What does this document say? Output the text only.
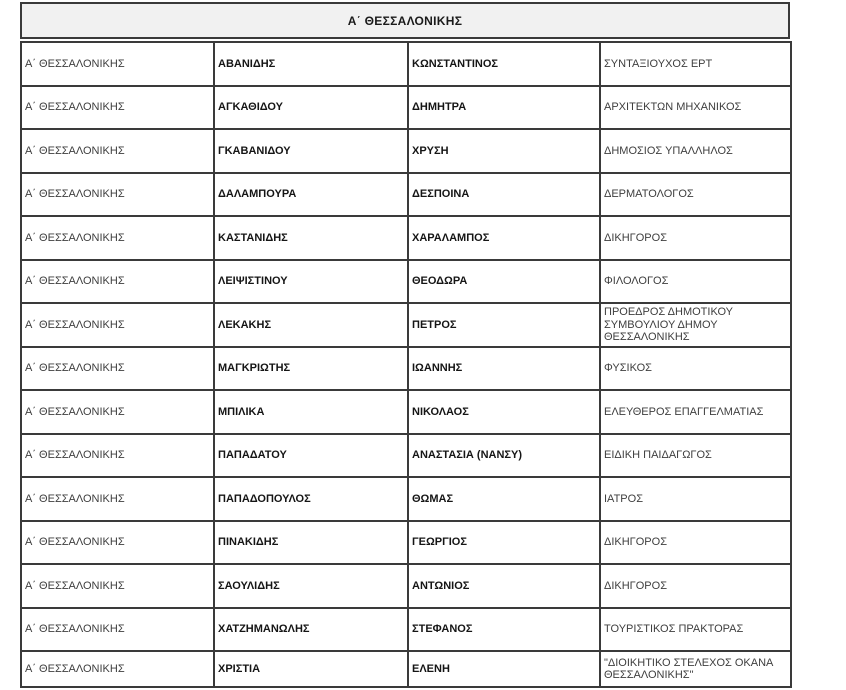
Α΄ ΘΕΣΣΑΛΟΝΙΚΗΣ
Α΄ ΘΕΣΣΑΛΟΝΙΚΗΣ	ΑΒΑΝΙΔΗΣ	ΚΩΝΣΤΑΝΤΙΝΟΣ	ΣΥΝΤΑΞΙΟΥΧΟΣ ΕΡΤ
Α΄ ΘΕΣΣΑΛΟΝΙΚΗΣ	ΑΓΚΑΘΙΔΟΥ	ΔΗΜΗΤΡΑ	ΑΡΧΙΤΕΚΤΩΝ ΜΗΧΑΝΙΚΟΣ
Α΄ ΘΕΣΣΑΛΟΝΙΚΗΣ	ΓΚΑΒΑΝΙΔΟΥ	ΧΡΥΣΗ	ΔΗΜΟΣΙΟΣ ΥΠΑΛΛΗΛΟΣ
Α΄ ΘΕΣΣΑΛΟΝΙΚΗΣ	ΔΑΛΑΜΠΟΥΡΑ	ΔΕΣΠΟΙΝΑ	ΔΕΡΜΑΤΟΛΟΓΟΣ
Α΄ ΘΕΣΣΑΛΟΝΙΚΗΣ	ΚΑΣΤΑΝΙΔΗΣ	ΧΑΡΑΛΑΜΠΟΣ	ΔΙΚΗΓΟΡΟΣ
Α΄ ΘΕΣΣΑΛΟΝΙΚΗΣ	ΛΕΙΨΙΣΤΙΝΟΥ	ΘΕΟΔΩΡΑ	ΦΙΛΟΛΟΓΟΣ
Α΄ ΘΕΣΣΑΛΟΝΙΚΗΣ	ΛΕΚΑΚΗΣ	ΠΕΤΡΟΣ	ΠΡΟΕΔΡΟΣ ΔΗΜΟΤΙΚΟΥ ΣΥΜΒΟΥΛΙΟΥ ΔΗΜΟΥ ΘΕΣΣΑΛΟΝΙΚΗΣ
Α΄ ΘΕΣΣΑΛΟΝΙΚΗΣ	ΜΑΓΚΡΙΩΤΗΣ	ΙΩΑΝΝΗΣ	ΦΥΣΙΚΟΣ
Α΄ ΘΕΣΣΑΛΟΝΙΚΗΣ	ΜΠΙΛΙΚΑ	ΝΙΚΟΛΑΟΣ	ΕΛΕΥΘΕΡΟΣ ΕΠΑΓΓΕΛΜΑΤΙΑΣ
Α΄ ΘΕΣΣΑΛΟΝΙΚΗΣ	ΠΑΠΑΔΑΤΟΥ	ΑΝΑΣΤΑΣΙΑ (ΝΑΝΣΥ)	ΕΙΔΙΚΗ ΠΑΙΔΑΓΩΓΟΣ
Α΄ ΘΕΣΣΑΛΟΝΙΚΗΣ	ΠΑΠΑΔΟΠΟΥΛΟΣ	ΘΩΜΑΣ	ΙΑΤΡΟΣ
Α΄ ΘΕΣΣΑΛΟΝΙΚΗΣ	ΠΙΝΑΚΙΔΗΣ	ΓΕΩΡΓΙΟΣ	ΔΙΚΗΓΟΡΟΣ
Α΄ ΘΕΣΣΑΛΟΝΙΚΗΣ	ΣΑΟΥΛΙΔΗΣ	ΑΝΤΩΝΙΟΣ	ΔΙΚΗΓΟΡΟΣ
Α΄ ΘΕΣΣΑΛΟΝΙΚΗΣ	ΧΑΤΖΗΜΑΝΩΛΗΣ	ΣΤΕΦΑΝΟΣ	ΤΟΥΡΙΣΤΙΚΟΣ ΠΡΑΚΤΟΡΑΣ
Α΄ ΘΕΣΣΑΛΟΝΙΚΗΣ	ΧΡΙΣΤΙΑ	ΕΛΕΝΗ	"ΔΙΟΙΚΗΤΙΚΟ ΣΤΕΛΕΧΟΣ ΟΚΑΝΑ ΘΕΣΣΑΛΟΝΙΚΗΣ"
